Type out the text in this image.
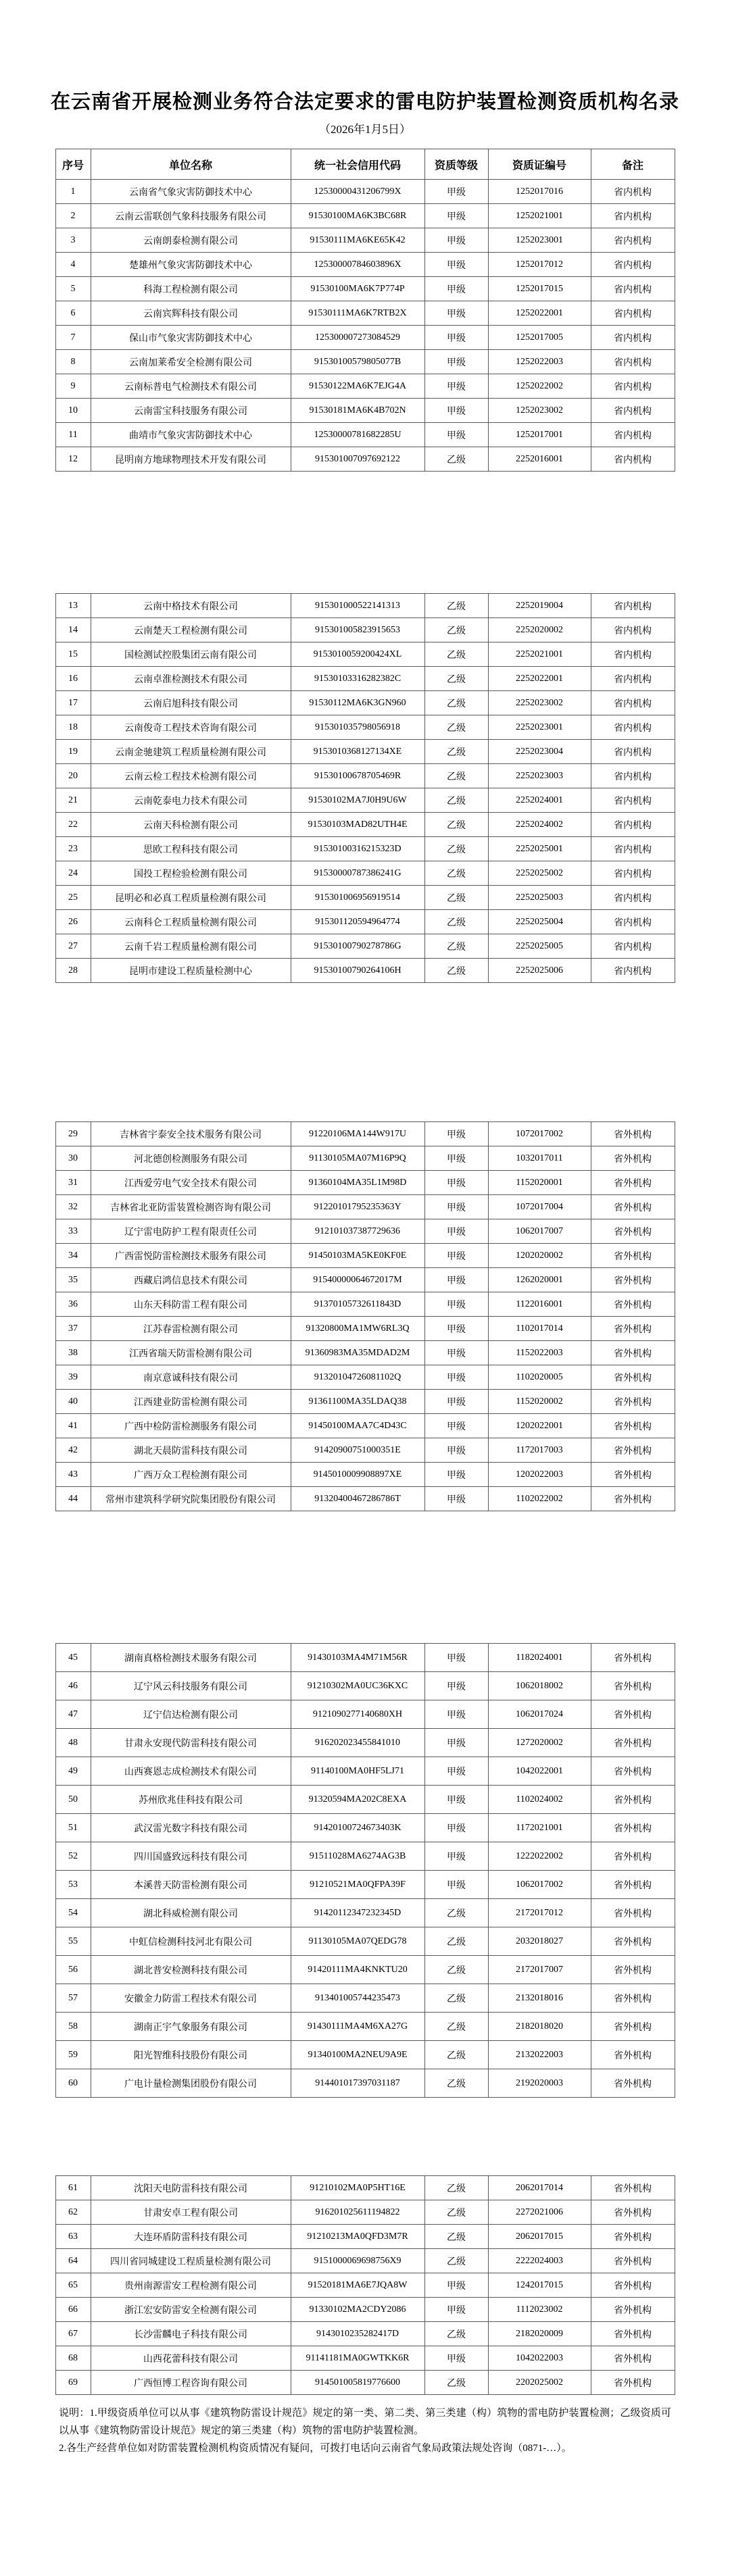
在云南省开展检测业务符合法定要求的雷电防护装置检测资质机构名录
（2026年1月5日）
序号	单位名称	统一社会信用代码	资质等级	资质证编号	备注
1	云南省气象灾害防御技术中心	12530000431206799X	甲级	1252017016	省内机构
2	云南云雷联创气象科技服务有限公司	91530100MA6K3BC68R	甲级	1252021001	省内机构
3	云南朗泰检测有限公司	91530111MA6KE65K42	甲级	1252023001	省内机构
4	楚雄州气象灾害防御技术中心	12530000784603896X	甲级	1252017012	省内机构
5	科海工程检测有限公司	91530100MA6K7P774P	甲级	1252017015	省内机构
6	云南宾辉科技有限公司	91530111MA6K7RTB2X	甲级	1252022001	省内机构
7	保山市气象灾害防御技术中心	125300007273084529	甲级	1252017005	省内机构
8	云南加莱希安全检测有限公司	91530100579805077B	甲级	1252022003	省内机构
9	云南标普电气检测技术有限公司	91530122MA6K7EJG4A	甲级	1252022002	省内机构
10	云南雷宝科技服务有限公司	91530181MA6K4B702N	甲级	1252023002	省内机构
11	曲靖市气象灾害防御技术中心	12530000781682285U	甲级	1252017001	省内机构
12	昆明南方地球物理技术开发有限公司	915301007097692122	乙级	2252016001	省内机构
13	云南中格技术有限公司	915301000522141313	乙级	2252019004	省内机构
14	云南楚天工程检测有限公司	915301005823915653	乙级	2252020002	省内机构
15	国检测试控股集团云南有限公司	9153010059200424XL	乙级	2252021001	省内机构
16	云南卓淮检测技术有限公司	91530103316282382C	乙级	2252022001	省内机构
17	云南启旭科技有限公司	91530112MA6K3GN960	乙级	2252023002	省内机构
18	云南俊奇工程技术咨询有限公司	915301035798056918	乙级	2252023001	省内机构
19	云南金驰建筑工程质量检测有限公司	9153010368127134XE	乙级	2252023004	省内机构
20	云南云检工程技术检测有限公司	91530100678705469R	乙级	2252023003	省内机构
21	云南乾泰电力技术有限公司	91530102MA7J0H9U6W	乙级	2252024001	省内机构
22	云南天科检测有限公司	91530103MAD82UTH4E	乙级	2252024002	省内机构
23	思欧工程科技有限公司	91530100316215323D	乙级	2252025001	省内机构
24	国投工程检验检测有限公司	91530000787386241G	乙级	2252025002	省内机构
25	昆明必和必真工程质量检测有限公司	915301006956919514	乙级	2252025003	省内机构
26	云南科仑工程质量检测有限公司	915301120594964774	乙级	2252025004	省内机构
27	云南千岩工程质量检测有限公司	91530100790278786G	乙级	2252025005	省内机构
28	昆明市建设工程质量检测中心	91530100790264106H	乙级	2252025006	省内机构
29	吉林省宇泰安全技术服务有限公司	91220106MA144W917U	甲级	1072017002	省外机构
30	河北德创检测服务有限公司	91130105MA07M16P9Q	甲级	1032017011	省外机构
31	江西爱劳电气安全技术有限公司	91360104MA35L1M98D	甲级	1152020001	省外机构
32	吉林省北亚防雷装置检测咨询有限公司	91220101795235363Y	甲级	1072017004	省外机构
33	辽宁雷电防护工程有限责任公司	912101037387729636	甲级	1062017007	省外机构
34	广西雷悦防雷检测技术服务有限公司	91450103MA5KE0KF0E	甲级	1202020002	省外机构
35	西藏启鸿信息技术有限公司	91540000064672017M	甲级	1262020001	省外机构
36	山东天科防雷工程有限公司	91370105732611843D	甲级	1122016001	省外机构
37	江苏春雷检测有限公司	91320800MA1MW6RL3Q	甲级	1102017014	省外机构
38	江西省瑞天防雷检测有限公司	91360983MA35MDAD2M	甲级	1152022003	省外机构
39	南京意诚科技有限公司	91320104726081102Q	甲级	1102020005	省外机构
40	江西建业防雷检测有限公司	91361100MA35LDAQ38	甲级	1152020002	省外机构
41	广西中检防雷检测服务有限公司	91450100MAA7C4D43C	甲级	1202022001	省外机构
42	湖北天晨防雷科技有限公司	91420900751000351E	甲级	1172017003	省外机构
43	广西万众工程检测有限公司	9145010009908897XE	甲级	1202022003	省外机构
44	常州市建筑科学研究院集团股份有限公司	91320400467286786T	甲级	1102022002	省外机构
45	湖南真格检测技术服务有限公司	91430103MA4M71M56R	甲级	1182024001	省外机构
46	辽宁风云科技服务有限公司	91210302MA0UC36KXC	甲级	1062018002	省外机构
47	辽宁信达检测有限公司	9121090277140680XH	甲级	1062017024	省外机构
48	甘肃永安现代防雷科技有限公司	916202023455841010	甲级	1272020002	省外机构
49	山西赛恩志成检测技术有限公司	91140100MA0HF5LJ71	甲级	1042022001	省外机构
50	苏州欣兆佳科技有限公司	91320594MA202C8EXA	甲级	1102024002	省外机构
51	武汉雷光数字科技有限公司	91420100724673403K	甲级	1172021001	省外机构
52	四川国盛致远科技有限公司	91511028MA6274AG3B	甲级	1222022002	省外机构
53	本溪普天防雷检测有限公司	91210521MA0QFPA39F	甲级	1062017002	省外机构
54	湖北科威检测有限公司	91420112347232345D	乙级	2172017012	省外机构
55	中虹信检测科技河北有限公司	91130105MA07QEDG78	乙级	2032018027	省外机构
56	湖北普安检测科技有限公司	91420111MA4KNKTU20	乙级	2172017007	省外机构
57	安徽金力防雷工程技术有限公司	913401005744235473	乙级	2132018016	省外机构
58	湖南正宇气象服务有限公司	91430111MA4M6XA27G	乙级	2182018020	省外机构
59	阳光智维科技股份有限公司	91340100MA2NEU9A9E	乙级	2132022003	省外机构
60	广电计量检测集团股份有限公司	914401017397031187	乙级	2192020003	省外机构
61	沈阳天电防雷科技有限公司	91210102MA0P5HT16E	乙级	2062017014	省外机构
62	甘肃安卓工程有限公司	916201025611194822	乙级	2272021006	省外机构
63	大连环盾防雷科技有限公司	91210213MA0QFD3M7R	乙级	2062017015	省外机构
64	四川省同城建设工程质量检测有限公司	9151000069698756X9	乙级	2222024003	省外机构
65	贵州南源雷安工程检测有限公司	91520181MA6E7JQA8W	甲级	1242017015	省外机构
66	浙江宏安防雷安全检测有限公司	91330102MA2CDY2086	甲级	1112023002	省外机构
67	长沙雷麟电子科技有限公司	9143010235282417D	乙级	2182020009	省外机构
68	山西花蕾科技有限公司	91141181MA0GWTKK6R	甲级	1042022003	省外机构
69	广西恒博工程咨询有限公司	914501005819776600	乙级	2202025002	省外机构

说明：1.甲级资质单位可以从事《建筑物防雷设计规范》规定的第一类、第二类、第三类建（构）筑物的雷电防护装置检测；乙级资质可以从事《建筑物防雷设计规范》规定的第三类建（构）筑物的雷电防护装置检测。

2.各生产经营单位如对防雷装置检测机构资质情况有疑问，可拨打电话向云南省气象局政策法规处咨询（0871-…）。
